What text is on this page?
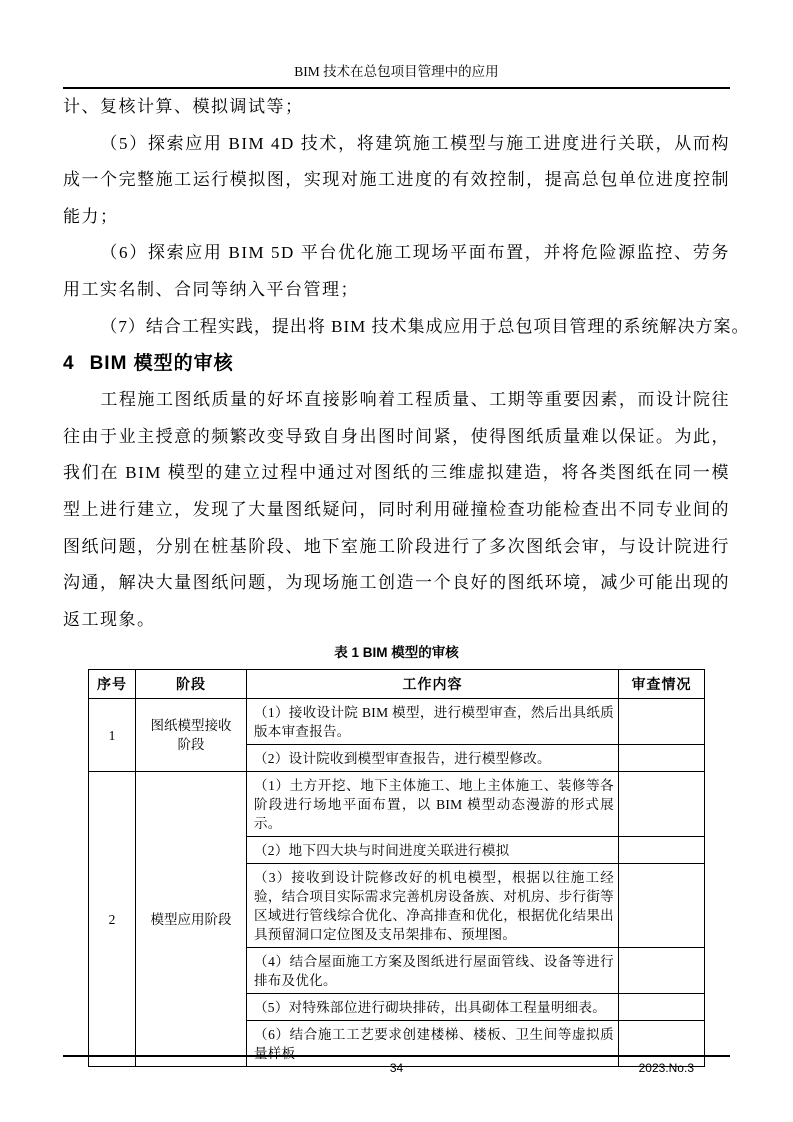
BIM 技术在总包项目管理中的应用

计、复核计算、模拟调试等；

（5）探索应用 BIM 4D 技术，将建筑施工模型与施工进度进行关联，从而构成一个完整施工运行模拟图，实现对施工进度的有效控制，提高总包单位进度控制能力；

（6）探索应用 BIM 5D 平台优化施工现场平面布置，并将危险源监控、劳务用工实名制、合同等纳入平台管理；

（7）结合工程实践，提出将 BIM 技术集成应用于总包项目管理的系统解决方案。

4 BIM 模型的审核

工程施工图纸质量的好坏直接影响着工程质量、工期等重要因素，而设计院往往由于业主授意的频繁改变导致自身出图时间紧，使得图纸质量难以保证。为此，我们在 BIM 模型的建立过程中通过对图纸的三维虚拟建造，将各类图纸在同一模型上进行建立，发现了大量图纸疑问，同时利用碰撞检查功能检查出不同专业间的图纸问题，分别在桩基阶段、地下室施工阶段进行了多次图纸会审，与设计院进行沟通，解决大量图纸问题，为现场施工创造一个良好的图纸环境，减少可能出现的返工现象。

表 1 BIM 模型的审核
序号	阶段	工作内容	审查情况
1	图纸模型接收阶段	（1）接收设计院 BIM 模型，进行模型审查，然后出具纸质版本审查报告。	
		（2）设计院收到模型审查报告，进行模型修改。	
2	模型应用阶段	（1）土方开挖、地下主体施工、地上主体施工、装修等各阶段进行场地平面布置，以 BIM 模型动态漫游的形式展示。	
		（2）地下四大块与时间进度关联进行模拟	
		（3）接收到设计院修改好的机电模型，根据以往施工经验，结合项目实际需求完善机房设备族、对机房、步行街等区域进行管线综合优化、净高排查和优化，根据优化结果出具预留洞口定位图及支吊架排布、预埋图。	
		（4）结合屋面施工方案及图纸进行屋面管线、设备等进行排布及优化。	
		（5）对特殊部位进行砌块排砖，出具砌体工程量明细表。	
		（6）结合施工工艺要求创建楼梯、楼板、卫生间等虚拟质量样板	
34	2023.No.3
